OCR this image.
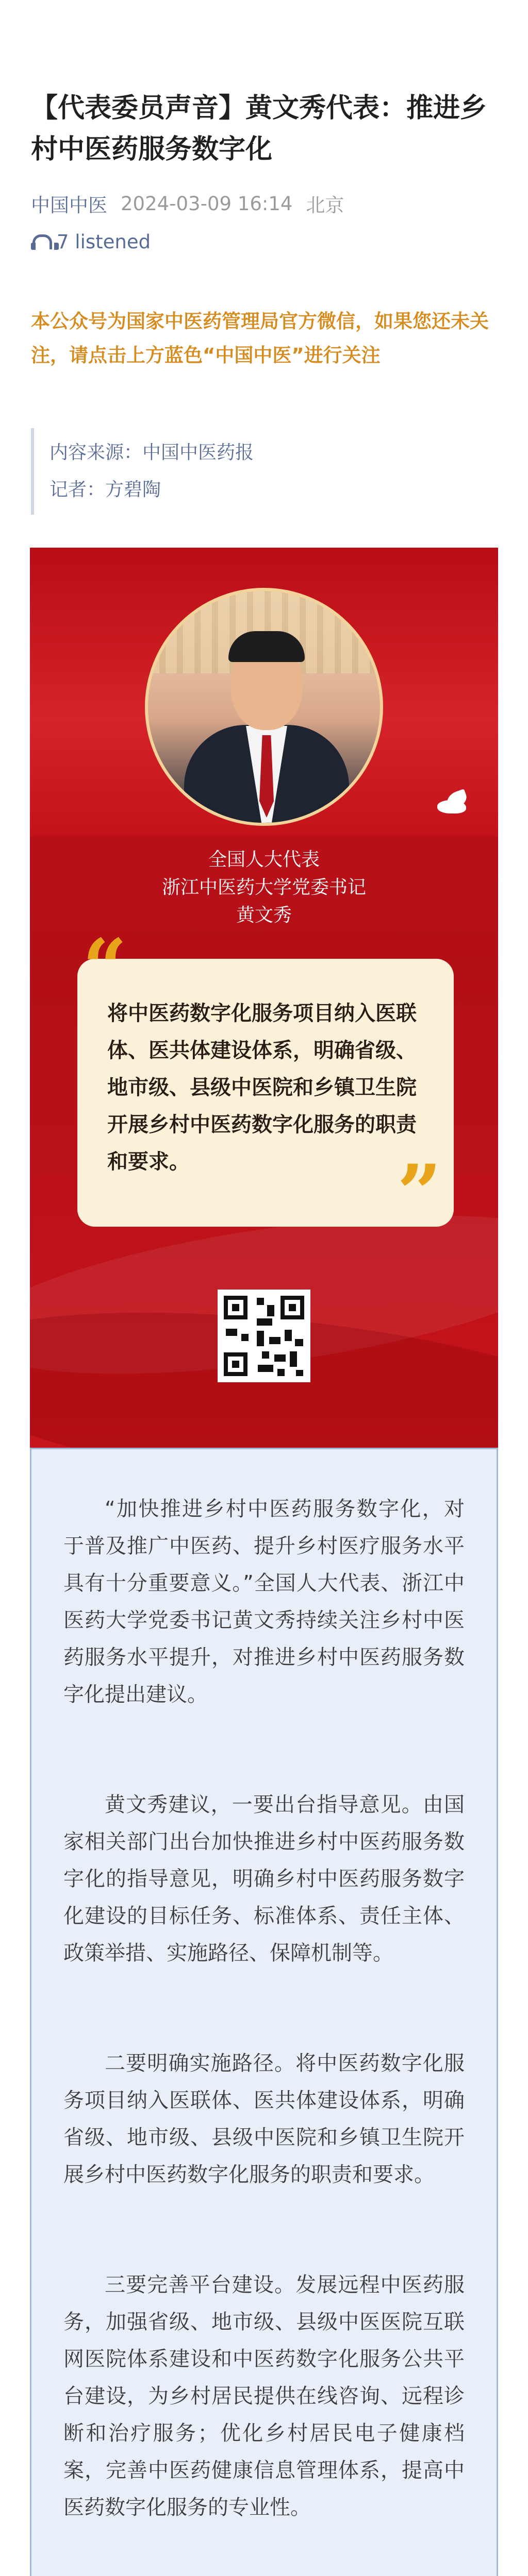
【代表委员声音】黄文秀代表：推进乡村中医药服务数字化
中国中医 2024-03-09 16:14 北京
7 listened

本公众号为国家中医药管理局官方微信，如果您还未关注，请点击上方蓝色“中国中医”进行关注

内容来源：中国中医药报
记者：方碧陶
全国人大代表
浙江中医药大学党委书记
黄文秀
“
将中医药数字化服务项目纳入医联体、医共体建设体系，明确省级、地市级、县级中医院和乡镇卫生院开展乡村中医药数字化服务的职责和要求。	”

“加快推进乡村中医药服务数字化，对于普及推广中医药、提升乡村医疗服务水平具有十分重要意义。”全国人大代表、浙江中医药大学党委书记黄文秀持续关注乡村中医药服务水平提升，对推进乡村中医药服务数字化提出建议。

黄文秀建议，一要出台指导意见。由国家相关部门出台加快推进乡村中医药服务数字化的指导意见，明确乡村中医药服务数字化建设的目标任务、标准体系、责任主体、政策举措、实施路径、保障机制等。

二要明确实施路径。将中医药数字化服务项目纳入医联体、医共体建设体系，明确省级、地市级、县级中医院和乡镇卫生院开展乡村中医药数字化服务的职责和要求。

三要完善平台建设。发展远程中医药服务，加强省级、地市级、县级中医医院互联网医院体系建设和中医药数字化服务公共平台建设，为乡村居民提供在线咨询、远程诊断和治疗服务；优化乡村居民电子健康档案，完善中医药健康信息管理体系，提高中医药数字化服务的专业性。
